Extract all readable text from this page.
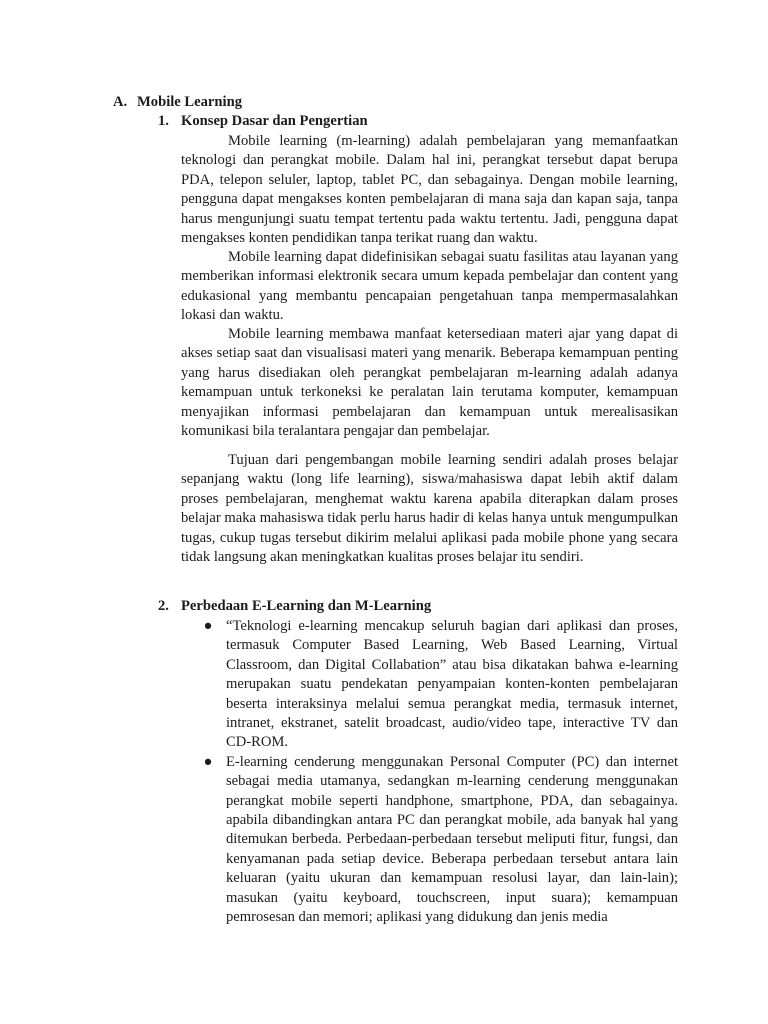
A. Mobile Learning
1. Konsep Dasar dan Pengertian

Mobile learning (m-learning) adalah pembelajaran yang memanfaatkan teknologi dan perangkat mobile. Dalam hal ini, perangkat tersebut dapat berupa PDA, telepon seluler, laptop, tablet PC, dan sebagainya. Dengan mobile learning, pengguna dapat mengakses konten pembelajaran di mana saja dan kapan saja, tanpa harus mengunjungi suatu tempat tertentu pada waktu tertentu. Jadi, pengguna dapat mengakses konten pendidikan tanpa terikat ruang dan waktu.

Mobile learning dapat didefinisikan sebagai suatu fasilitas atau layanan yang memberikan informasi elektronik secara umum kepada pembelajar dan content yang edukasional yang membantu pencapaian pengetahuan tanpa mempermasalahkan lokasi dan waktu.

Mobile learning membawa manfaat ketersediaan materi ajar yang dapat di akses setiap saat dan visualisasi materi yang menarik. Beberapa kemampuan penting yang harus disediakan oleh perangkat pembelajaran m-learning adalah adanya kemampuan untuk terkoneksi ke peralatan lain terutama komputer, kemampuan menyajikan informasi pembelajaran dan kemampuan untuk merealisasikan komunikasi bila teralantara pengajar dan pembelajar.

Tujuan dari pengembangan mobile learning sendiri adalah proses belajar sepanjang waktu (long life learning), siswa/mahasiswa dapat lebih aktif dalam proses pembelajaran, menghemat waktu karena apabila diterapkan dalam proses belajar maka mahasiswa tidak perlu harus hadir di kelas hanya untuk mengumpulkan tugas, cukup tugas tersebut dikirim melalui aplikasi pada mobile phone yang secara tidak langsung akan meningkatkan kualitas proses belajar itu sendiri.

2. Perbedaan E-Learning dan M-Learning
● “Teknologi e-learning mencakup seluruh bagian dari aplikasi dan proses, termasuk Computer Based Learning, Web Based Learning, Virtual Classroom, dan Digital Collabation” atau bisa dikatakan bahwa e-learning merupakan suatu pendekatan penyampaian konten-konten pembelajaran beserta interaksinya melalui semua perangkat media, termasuk internet, intranet, ekstranet, satelit broadcast, audio/video tape, interactive TV dan CD-ROM.
● E-learning cenderung menggunakan Personal Computer (PC) dan internet sebagai media utamanya, sedangkan m-learning cenderung menggunakan perangkat mobile seperti handphone, smartphone, PDA, dan sebagainya. apabila dibandingkan antara PC dan perangkat mobile, ada banyak hal yang ditemukan berbeda. Perbedaan-perbedaan tersebut meliputi fitur, fungsi, dan kenyamanan pada setiap device. Beberapa perbedaan tersebut antara lain keluaran (yaitu ukuran dan kemampuan resolusi layar, dan lain-lain); masukan (yaitu keyboard, touchscreen, input suara); kemampuan pemrosesan dan memori; aplikasi yang didukung dan jenis media
